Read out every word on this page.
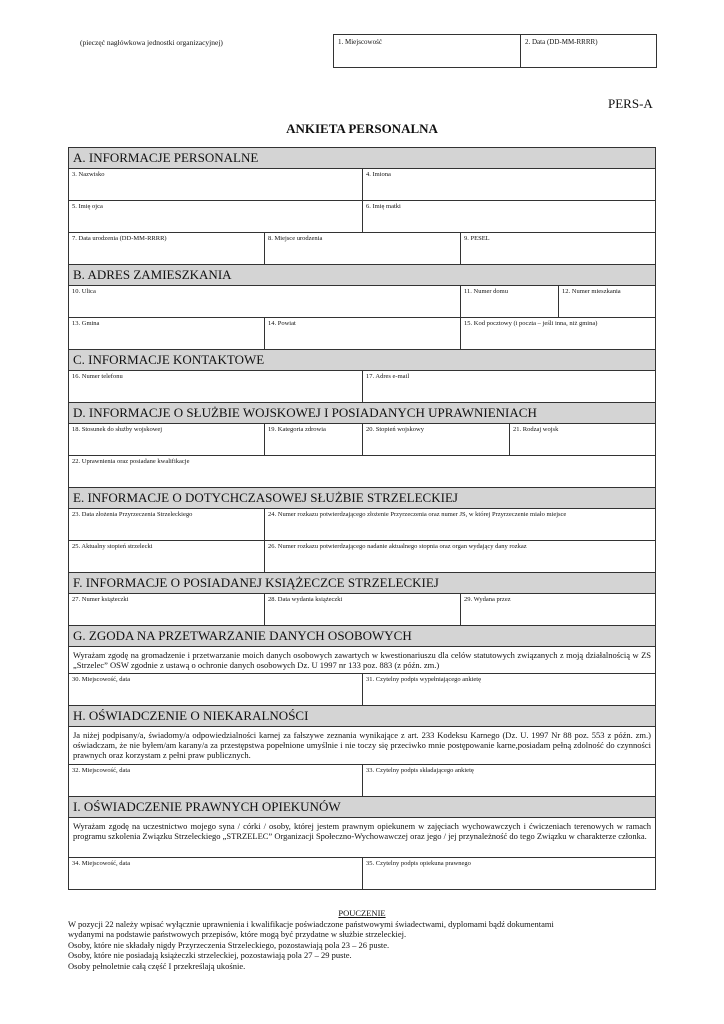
(pieczęć nagłówkowa jednostki organizacyjnej)	1. Miejscowość	2. Data (DD-MM-RRRR)
PERS-A
ANKIETA PERSONALNA
A. INFORMACJE PERSONALNE
3. Nazwisko	4. Imiona
5. Imię ojca	6. Imię matki
7. Data urodzenia (DD-MM-RRRR)	8. Miejsce urodzenia	9. PESEL
B. ADRES ZAMIESZKANIA
10. Ulica	11. Numer domu	12. Numer mieszkania
13. Gmina	14. Powiat	15. Kod pocztowy (i poczta – jeśli inna, niż gmina)
C. INFORMACJE KONTAKTOWE
16. Numer telefonu	17. Adres e-mail
D. INFORMACJE O SŁUŻBIE WOJSKOWEJ I POSIADANYCH UPRAWNIENIACH
18. Stosunek do służby wojskowej	19. Kategoria zdrowia	20. Stopień wojskowy	21. Rodzaj wojsk
22. Uprawnienia oraz posiadane kwalifikacje
E. INFORMACJE O DOTYCHCZASOWEJ SŁUŻBIE STRZELECKIEJ
23. Data złożenia Przyrzeczenia Strzeleckiego	24. Numer rozkazu potwierdzającego złożenie Przyrzeczenia oraz numer JS, w której Przyrzeczenie miało miejsce
25. Aktualny stopień strzelecki	26. Numer rozkazu potwierdzającego nadanie aktualnego stopnia oraz organ wydający dany rozkaz
F. INFORMACJE O POSIADANEJ KSIĄŻECZCE STRZELECKIEJ
27. Numer książeczki	28. Data wydania książeczki	29. Wydana przez
G. ZGODA NA PRZETWARZANIE DANYCH OSOBOWYCH
Wyrażam zgodę na gromadzenie i przetwarzanie moich danych osobowych zawartych w kwestionariuszu dla celów statutowych związanych z moją działalnością w ZS „Strzelec” OSW zgodnie z ustawą o ochronie danych osobowych Dz. U 1997 nr 133 poz. 883 (z późn. zm.)
30. Miejscowość, data	31. Czytelny podpis wypełniającego ankietę
H. OŚWIADCZENIE O NIEKARALNOŚCI
Ja niżej podpisany/a, świadomy/a odpowiedzialności karnej za fałszywe zeznania wynikające z art. 233 Kodeksu Karnego (Dz. U. 1997 Nr 88 poz. 553 z późn. zm.) oświadczam, że nie byłem/am karany/a za przestępstwa popełnione umyślnie i nie toczy się przeciwko mnie postępowanie karne,posiadam pełną zdolność do czynności prawnych oraz korzystam z pełni praw publicznych.
32. Miejscowość, data	33. Czytelny podpis składającego ankietę
I. OŚWIADCZENIE PRAWNYCH OPIEKUNÓW
Wyrażam zgodę na uczestnictwo mojego syna / córki / osoby, której jestem prawnym opiekunem w zajęciach wychowawczych i ćwiczeniach terenowych w ramach programu szkolenia Związku Strzeleckiego „STRZELEC” Organizacji Społeczno-Wychowawczej oraz jego / jej przynależność do tego Związku w charakterze członka.
34. Miejscowość, data	35. Czytelny podpis opiekuna prawnego
POUCZENIE
W pozycji 22 należy wpisać wyłącznie uprawnienia i kwalifikacje poświadczone państwowymi świadectwami, dyplomami bądź dokumentami
wydanymi na podstawie państwowych przepisów, które mogą być przydatne w służbie strzeleckiej.
Osoby, które nie składały nigdy Przyrzeczenia Strzeleckiego, pozostawiają pola 23 – 26 puste.
Osoby, które nie posiadają książeczki strzeleckiej, pozostawiają pola 27 – 29 puste.
Osoby pełnoletnie całą część I przekreślają ukośnie.
